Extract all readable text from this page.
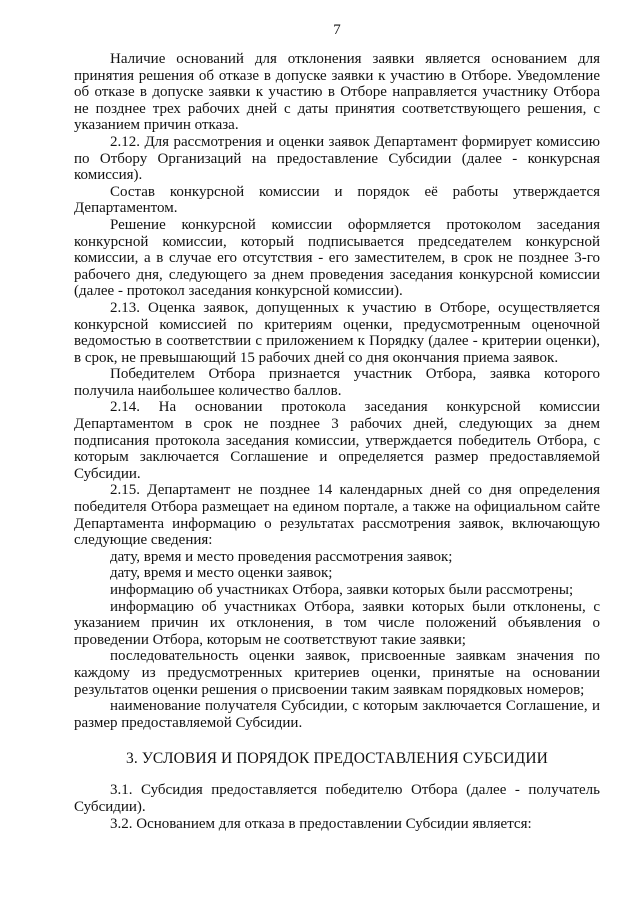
7

Наличие оснований для отклонения заявки является основанием для принятия решения об отказе в допуске заявки к участию в Отборе. Уведомление об отказе в допуске заявки к участию в Отборе направляется участнику Отбора не позднее трех рабочих дней с даты принятия соответствующего решения, с указанием причин отказа.

2.12. Для рассмотрения и оценки заявок Департамент формирует комиссию по Отбору Организаций на предоставление Субсидии (далее - конкурсная комиссия).

Состав конкурсной комиссии и порядок её работы утверждается Департаментом.

Решение конкурсной комиссии оформляется протоколом заседания конкурсной комиссии, который подписывается председателем конкурсной комиссии, а в случае его отсутствия - его заместителем, в срок не позднее 3-го рабочего дня, следующего за днем проведения заседания конкурсной комиссии (далее - протокол заседания конкурсной комиссии).

2.13. Оценка заявок, допущенных к участию в Отборе, осуществляется конкурсной комиссией по критериям оценки, предусмотренным оценочной ведомостью в соответствии с приложением к Порядку (далее - критерии оценки), в срок, не превышающий 15 рабочих дней со дня окончания приема заявок.

Победителем Отбора признается участник Отбора, заявка которого получила наибольшее количество баллов.

2.14. На основании протокола заседания конкурсной комиссии Департаментом в срок не позднее 3 рабочих дней, следующих за днем подписания протокола заседания комиссии, утверждается победитель Отбора, с которым заключается Соглашение и определяется размер предоставляемой Субсидии.

2.15. Департамент не позднее 14 календарных дней со дня определения победителя Отбора размещает на едином портале, а также на официальном сайте Департамента информацию о результатах рассмотрения заявок, включающую следующие сведения:

дату, время и место проведения рассмотрения заявок;

дату, время и место оценки заявок;

информацию об участниках Отбора, заявки которых были рассмотрены;

информацию об участниках Отбора, заявки которых были отклонены, с указанием причин их отклонения, в том числе положений объявления о проведении Отбора, которым не соответствуют такие заявки;

последовательность оценки заявок, присвоенные заявкам значения по каждому из предусмотренных критериев оценки, принятые на основании результатов оценки решения о присвоении таким заявкам порядковых номеров;

наименование получателя Субсидии, с которым заключается Соглашение, и размер предоставляемой Субсидии.

3. УСЛОВИЯ И ПОРЯДОК ПРЕДОСТАВЛЕНИЯ СУБСИДИИ

3.1. Субсидия предоставляется победителю Отбора (далее - получатель Субсидии).

3.2. Основанием для отказа в предоставлении Субсидии является:
